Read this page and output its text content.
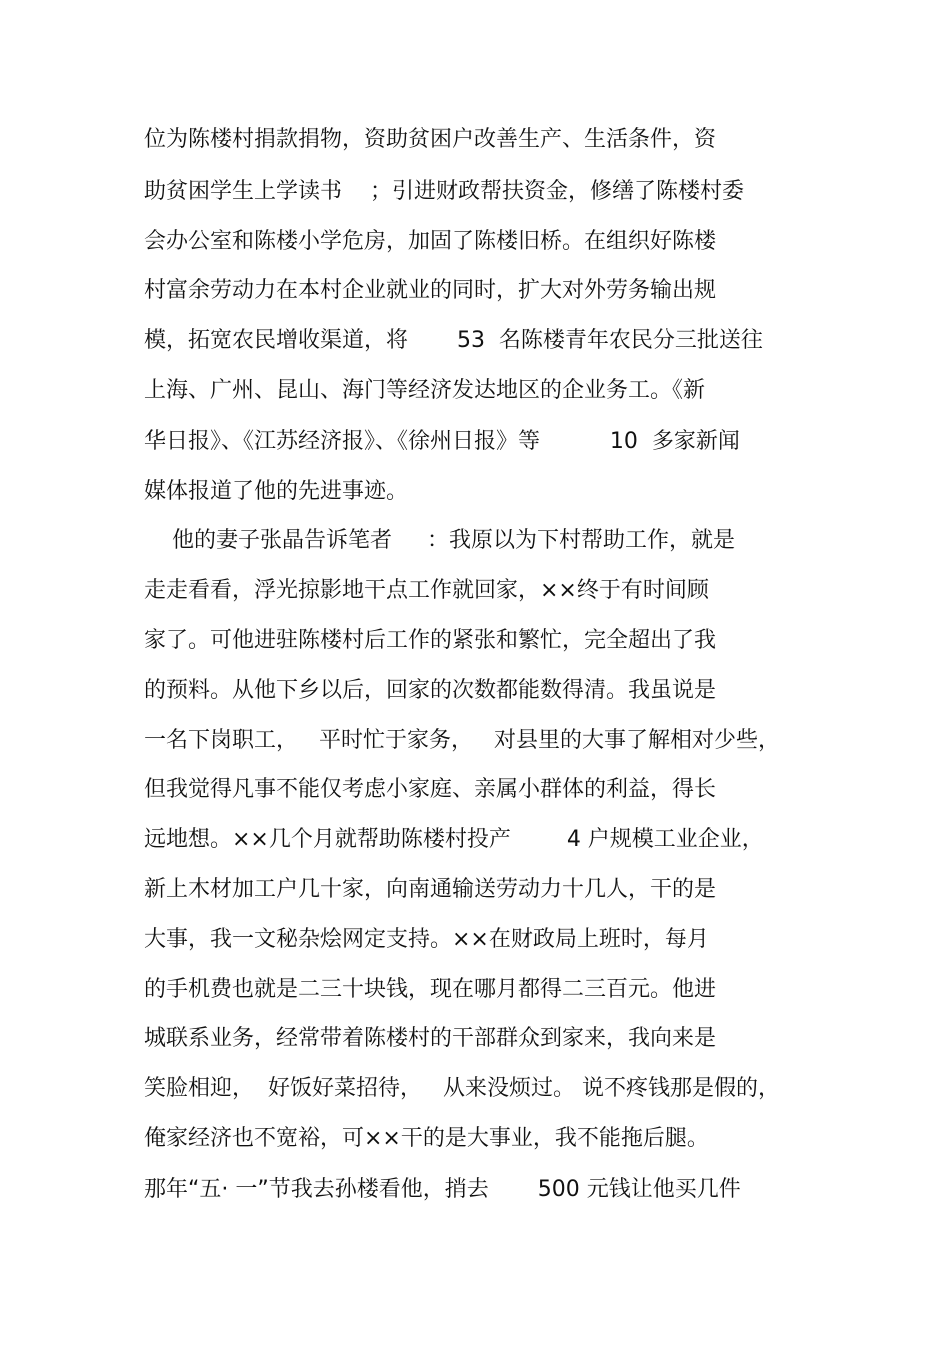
位为陈楼村捐款捐物，资助贫困户改善生产、生活条件，资
助贫困学生上学读书    ；引进财政帮扶资金，修缮了陈楼村委
会办公室和陈楼小学危房，加固了陈楼旧桥。在组织好陈楼
村富余劳动力在本村企业就业的同时，扩大对外劳务输出规
模，拓宽农民增收渠道，将       53  名陈楼青年农民分三批送往
上海、广州、昆山、海门等经济发达地区的企业务工。《新
华日报》、《江苏经济报》、《徐州日报》等          10  多家新闻
媒体报道了他的先进事迹。
他的妻子张晶告诉笔者     ：我原以为下村帮助工作，就是
走走看看，浮光掠影地干点工作就回家，××终于有时间顾
家了。可他进驻陈楼村后工作的紧张和繁忙，完全超出了我
的预料。从他下乡以后，回家的次数都能数得清。我虽说是
一名下岗职工，   平时忙于家务，   对县里的大事了解相对少些，
但我觉得凡事不能仅考虑小家庭、亲属小群体的利益，得长
远地想。××几个月就帮助陈楼村投产        4 户规模工业企业，
新上木材加工户几十家，向南通输送劳动力十几人，干的是
大事，我一文秘杂烩网定支持。××在财政局上班时，每月
的手机费也就是二三十块钱，现在哪月都得二三百元。他进
城联系业务，经常带着陈楼村的干部群众到家来，我向来是
笑脸相迎，  好饭好菜招待，   从来没烦过。 说不疼钱那是假的，
俺家经济也不宽裕，可××干的是大事业，我不能拖后腿。
那年“五· 一”节我去孙楼看他，捎去       500 元钱让他买几件
